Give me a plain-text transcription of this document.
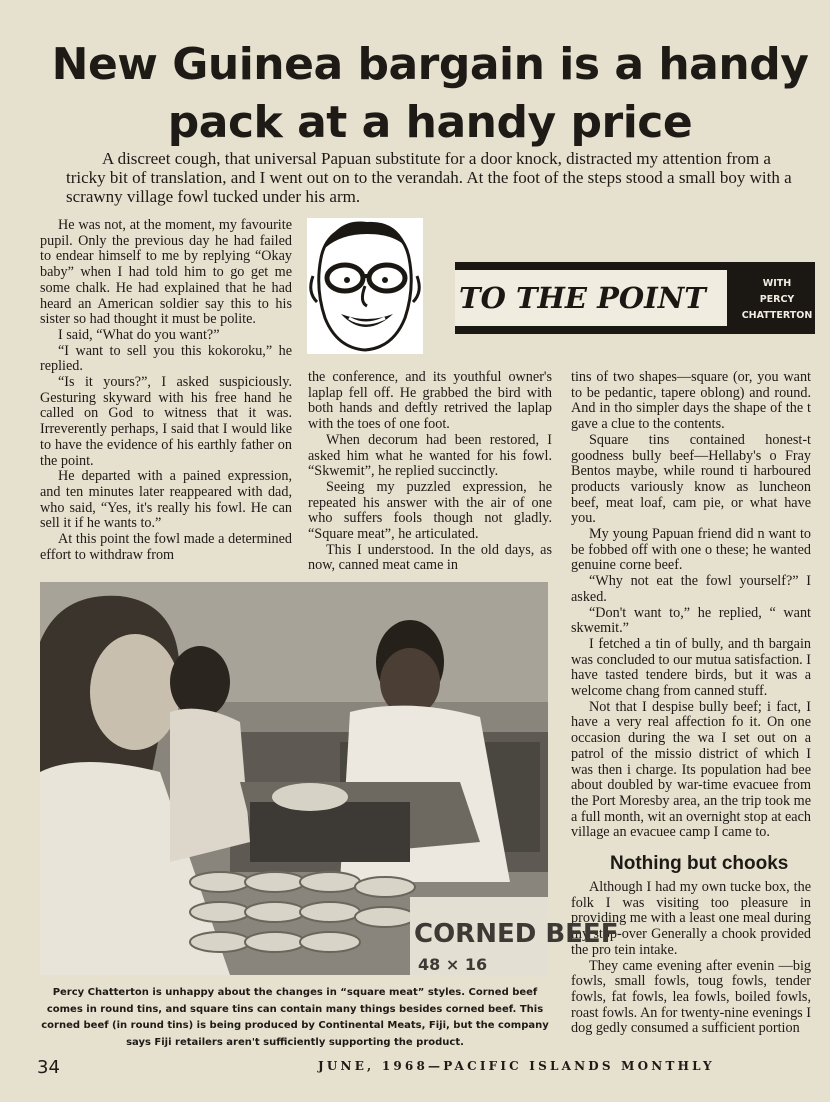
New Guinea bargain is a handy
pack at a handy price
A discreet cough, that universal Papuan substitute for a door knock, distracted my attention from a tricky bit of translation, and I went out on to the verandah. At the foot of the steps stood a small boy with a scrawny village fowl tucked under his arm.

He was not, at the moment, my favourite pupil. Only the previous day he had failed to endear himself to me by replying “Okay baby” when I had told him to go get me some chalk. He had explained that he had heard an American soldier say this to his sister so had thought it must be polite.

I said, “What do you want?”

“I want to sell you this kokoroku,” he replied.

“Is it yours?”, I asked suspiciously. Gesturing skyward with his free hand he called on God to witness that it was. Irreverently perhaps, I said that I would like to have the evidence of his earthly father on the point.

He departed with a pained expression, and ten minutes later reappeared with dad, who said, “Yes, it's really his fowl. He can sell it if he wants to.”

At this point the fowl made a determined effort to withdraw from

TO THE POINT	WITH
PERCY
CHATTERTON

the conference, and its youthful owner's laplap fell off. He grabbed the bird with both hands and deftly retrived the laplap with the toes of one foot.

When decorum had been restored, I asked him what he wanted for his fowl. “Skwemit”, he replied succinctly.

Seeing my puzzled expression, he repeated his answer with the air of one who suffers fools though not gladly. “Square meat”, he articulated.

This I understood. In the old days, as now, canned meat came in

tins of two shapes—square (or, you want to be pedantic, tapere oblong) and round. And in tho simpler days the shape of the t gave a clue to the contents.

Square tins contained honest-t goodness bully beef—Hellaby's o Fray Bentos maybe, while round ti harboured products variously know as luncheon beef, meat loaf, cam pie, or what have you.

My young Papuan friend did n want to be fobbed off with one o these; he wanted genuine corne beef.

“Why not eat the fowl yourself?” I asked.

“Don't want to,” he replied, “ want skwemit.”

I fetched a tin of bully, and th bargain was concluded to our mutua satisfaction. I have tasted tendere birds, but it was a welcome chang from canned stuff.

Not that I despise bully beef; i fact, I have a very real affection fo it. On one occasion during the wa I set out on a patrol of the missio district of which I was then i charge. Its population had bee about doubled by war-time evacuee from the Port Moresby area, an the trip took me a full month, wit an overnight stop at each village an evacuee camp I came to.

Nothing but chooks

Although I had my own tucke box, the folk I was visiting too pleasure in providing me with a least one meal during my stop-over Generally a chook provided the pro tein intake.

They came evening after evenin —big fowls, small fowls, toug fowls, tender fowls, fat fowls, lea fowls, boiled fowls, roast fowls. An for twenty-nine evenings I dog gedly consumed a sufficient portion

CORNED BEEF
48 × 16
Percy Chatterton is unhappy about the changes in “square meat” styles. Corned beef comes in round tins, and square tins can contain many things besides corned beef. This corned beef (in round tins) is being produced by Continental Meats, Fiji, but the company says Fiji retailers aren't sufficiently supporting the product.
34	JUNE, 1968—PACIFIC ISLANDS MONTHLY
